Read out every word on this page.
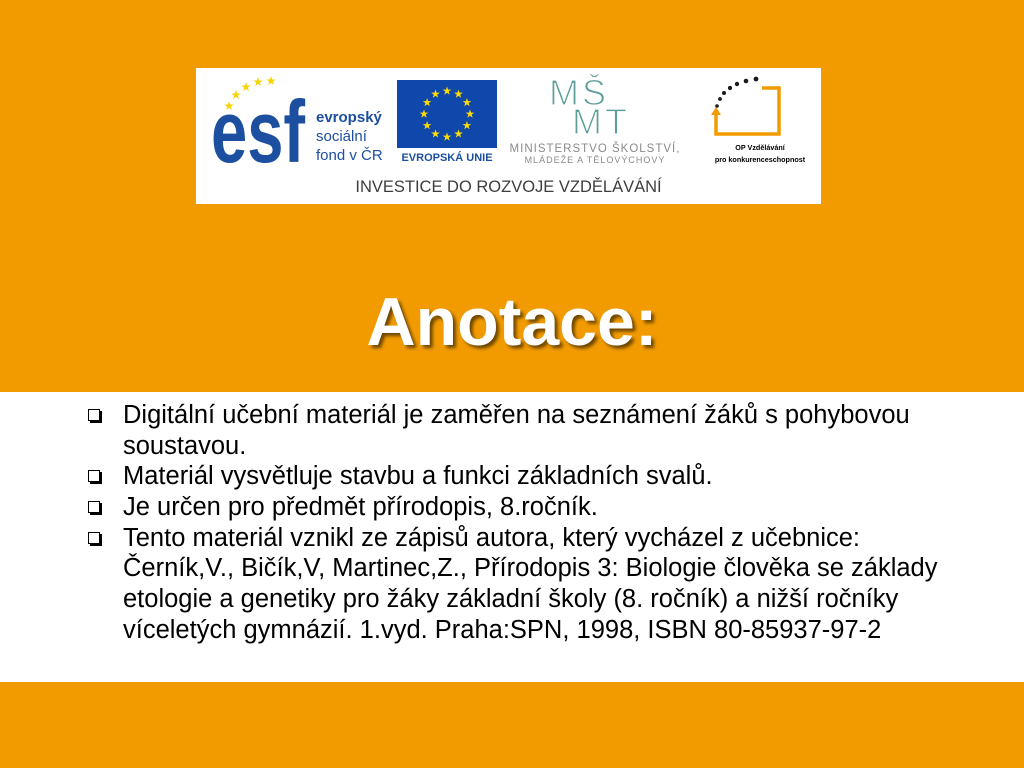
esf evropský
sociální
fond v ČR EVROPSKÁ UNIE
MŠ
MT
MINISTERSTVO ŠKOLSTVÍ,
MLÁDEŽE A TĚLOVÝCHOVY
OP Vzdělávání
pro konkurenceschopnost
INVESTICE DO ROZVOJE VZDĚLÁVÁNÍ
Anotace:
Digitální učební materiál je zaměřen na seznámení žáků s pohybovou
soustavou.
Materiál vysvětluje stavbu a funkci základních svalů.
Je určen pro předmět přírodopis, 8.ročník.
Tento materiál vznikl ze zápisů autora, který vycházel z učebnice:
Černík,V., Bičík,V, Martinec,Z., Přírodopis 3: Biologie člověka se základy
etologie a genetiky pro žáky základní školy (8. ročník) a nižší ročníky
víceletých gymnázií. 1.vyd. Praha:SPN, 1998, ISBN 80-85937-97-2
